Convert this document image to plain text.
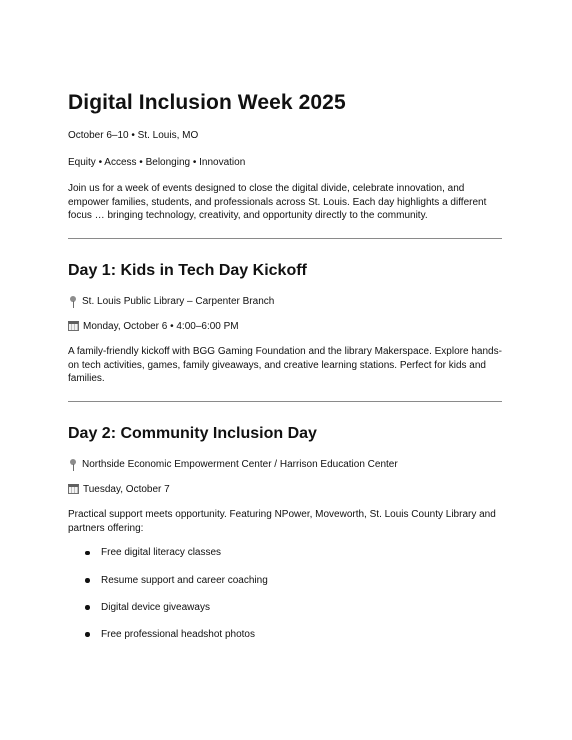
Digital Inclusion Week 2025

October 6–10 • St. Louis, MO

Equity • Access • Belonging • Innovation

Join us for a week of events designed to close the digital divide, celebrate innovation, and empower families, students, and professionals across St. Louis. Each day highlights a different focus … bringing technology, creativity, and opportunity directly to the community.

Day 1: Kids in Tech Day Kickoff
St. Louis Public Library – Carpenter Branch
Monday, October 6 • 4:00–6:00 PM

A family-friendly kickoff with BGG Gaming Foundation and the library Makerspace. Explore hands-on tech activities, games, family giveaways, and creative learning stations. Perfect for kids and families.

Day 2: Community Inclusion Day
Northside Economic Empowerment Center / Harrison Education Center
Tuesday, October 7

Practical support meets opportunity. Featuring NPower, Moveworth, St. Louis County Library and partners offering:

Free digital literacy classes
Resume support and career coaching
Digital device giveaways
Free professional headshot photos
